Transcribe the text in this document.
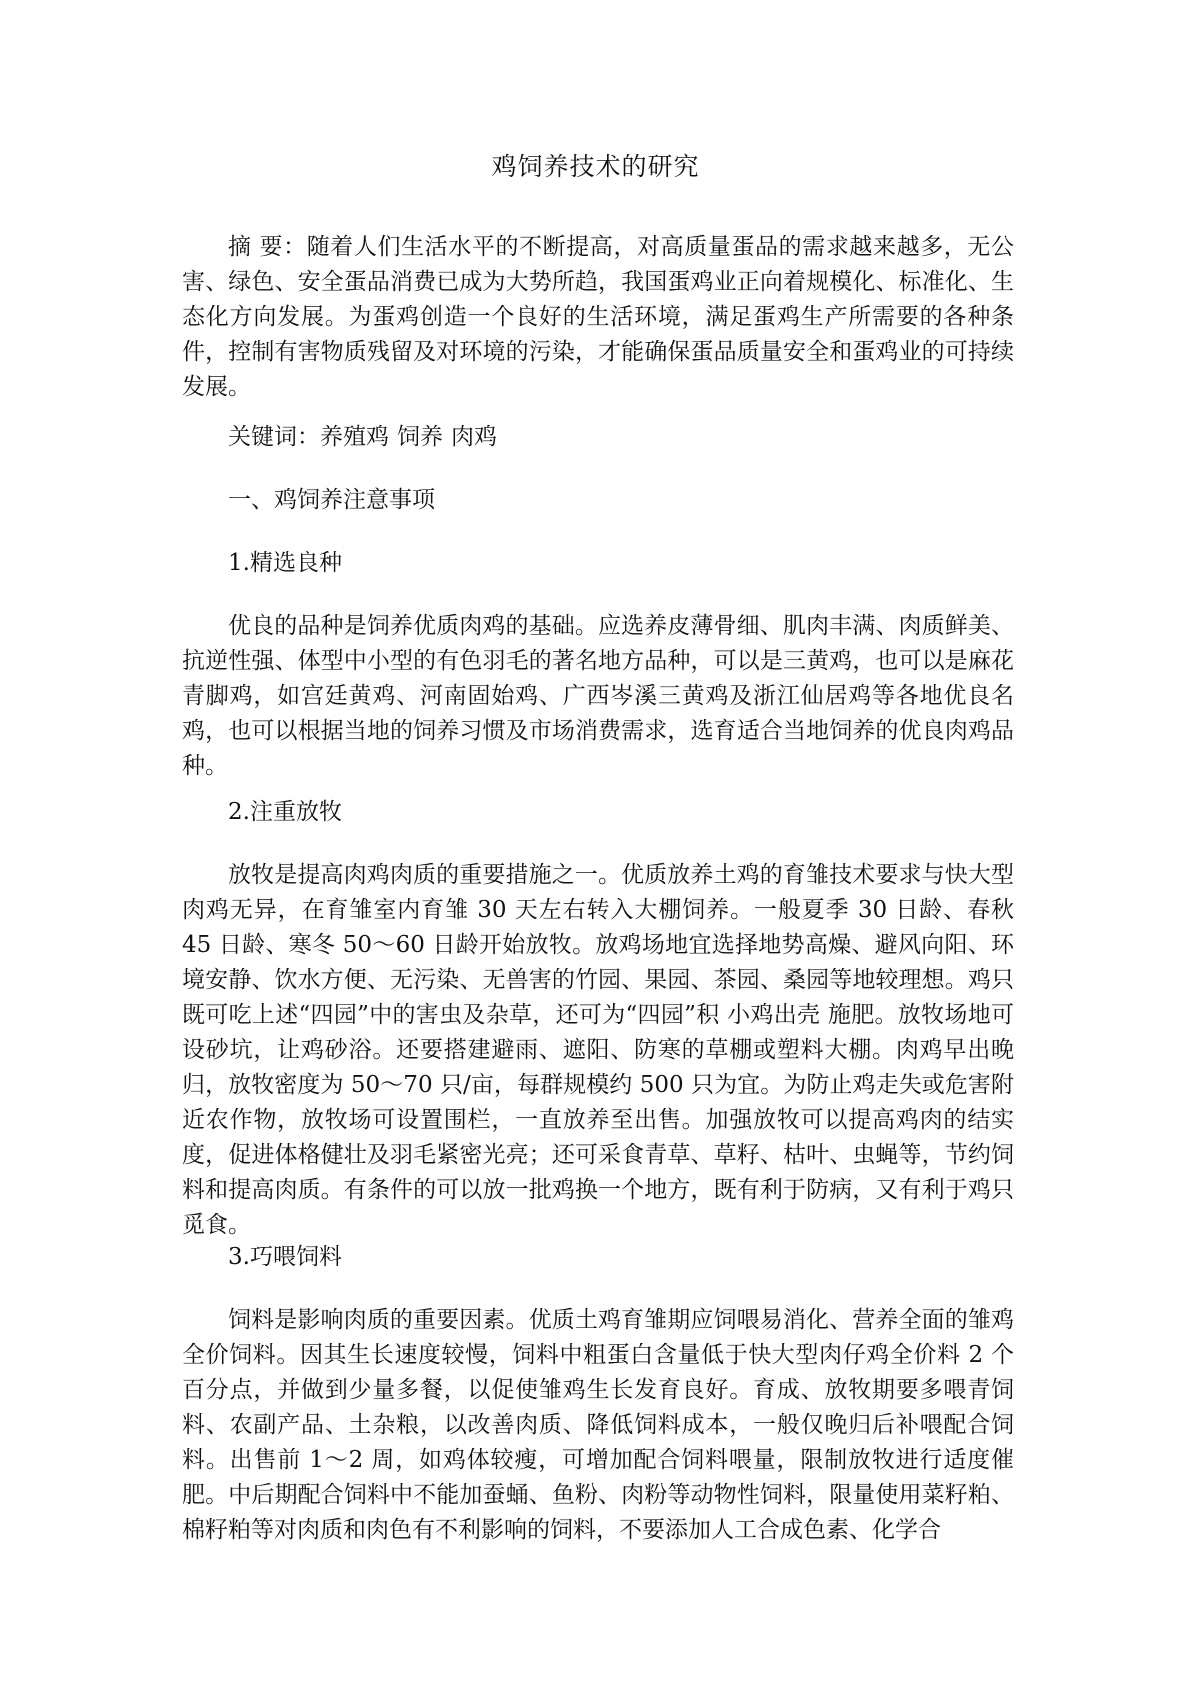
鸡饲养技术的研究

摘 要：随着人们生活水平的不断提高，对高质量蛋品的需求越来越多，无公害、绿色、安全蛋品消费已成为大势所趋，我国蛋鸡业正向着规模化、标准化、生态化方向发展。为蛋鸡创造一个良好的生活环境，满足蛋鸡生产所需要的各种条件，控制有害物质残留及对环境的污染，才能确保蛋品质量安全和蛋鸡业的可持续发展。

关键词：养殖鸡 饲养 肉鸡

一、鸡饲养注意事项

1.精选良种

优良的品种是饲养优质肉鸡的基础。应选养皮薄骨细、肌肉丰满、肉质鲜美、抗逆性强、体型中小型的有色羽毛的著名地方品种，可以是三黄鸡，也可以是麻花青脚鸡，如宫廷黄鸡、河南固始鸡、广西岑溪三黄鸡及浙江仙居鸡等各地优良名鸡，也可以根据当地的饲养习惯及市场消费需求，选育适合当地饲养的优良肉鸡品种。

2.注重放牧

放牧是提高肉鸡肉质的重要措施之一。优质放养土鸡的育雏技术要求与快大型肉鸡无异，在育雏室内育雏 30 天左右转入大棚饲养。一般夏季 30 日龄、春秋 45 日龄、寒冬 50～60 日龄开始放牧。放鸡场地宜选择地势高燥、避风向阳、环境安静、饮水方便、无污染、无兽害的竹园、果园、茶园、桑园等地较理想。鸡只既可吃上述“四园”中的害虫及杂草，还可为“四园”积 小鸡出壳 施肥。放牧场地可设砂坑，让鸡砂浴。还要搭建避雨、遮阳、防寒的草棚或塑料大棚。肉鸡早出晚归，放牧密度为 50～70 只/亩，每群规模约 500 只为宜。为防止鸡走失或危害附近农作物，放牧场可设置围栏，一直放养至出售。加强放牧可以提高鸡肉的结实度，促进体格健壮及羽毛紧密光亮；还可采食青草、草籽、枯叶、虫蝇等，节约饲料和提高肉质。有条件的可以放一批鸡换一个地方，既有利于防病，又有利于鸡只觅食。

3.巧喂饲料

饲料是影响肉质的重要因素。优质土鸡育雏期应饲喂易消化、营养全面的雏鸡全价饲料。因其生长速度较慢，饲料中粗蛋白含量低于快大型肉仔鸡全价料 2 个百分点，并做到少量多餐，以促使雏鸡生长发育良好。育成、放牧期要多喂青饲料、农副产品、土杂粮，以改善肉质、降低饲料成本，一般仅晚归后补喂配合饲料。出售前 1～2 周，如鸡体较瘦，可增加配合饲料喂量，限制放牧进行适度催肥。中后期配合饲料中不能加蚕蛹、鱼粉、肉粉等动物性饲料，限量使用菜籽粕、棉籽粕等对肉质和肉色有不利影响的饲料，不要添加人工合成色素、化学合
